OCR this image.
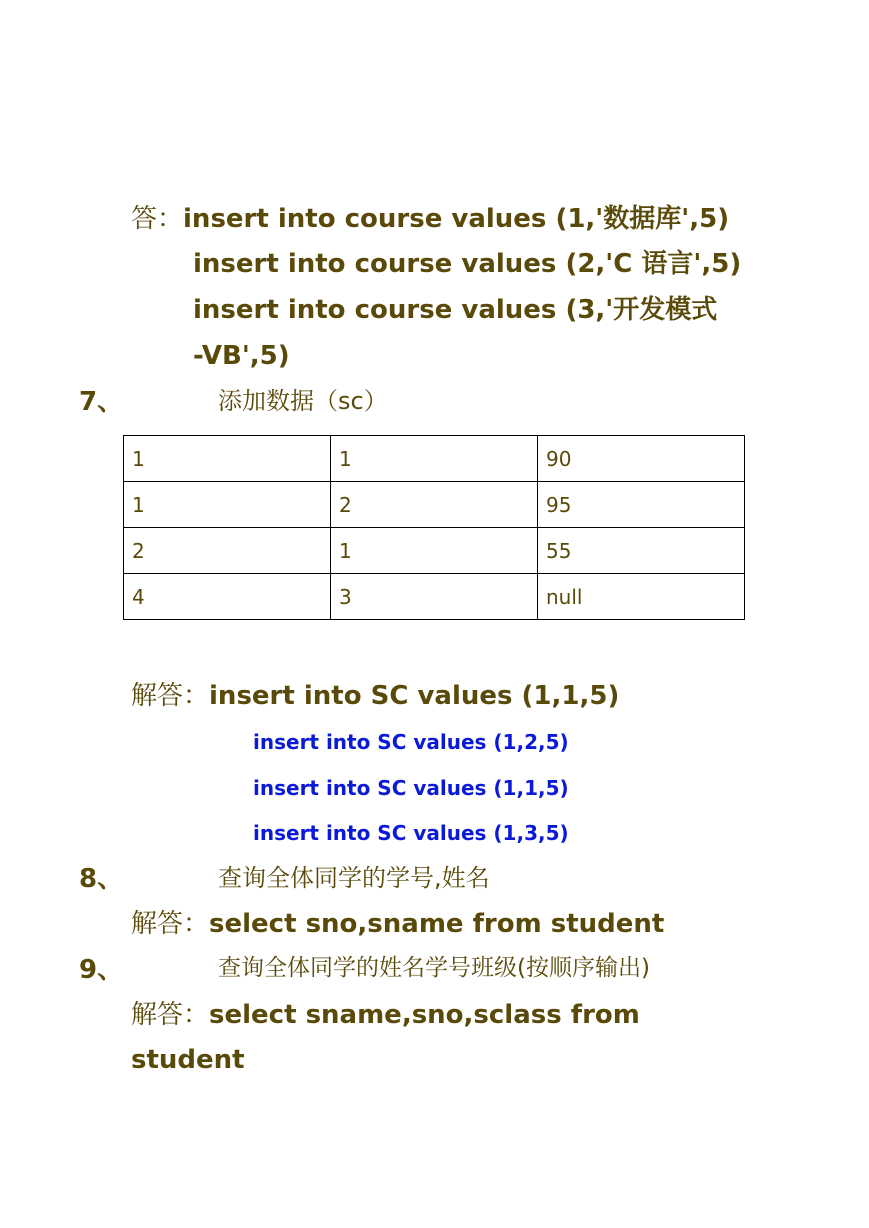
答：insert into course values (1,'数据库',5)
insert into course values (2,'C 语言',5)
insert into course values (3,'开发模式
-VB',5)
7、	添加数据（sc）
1	1	90
1	2	95
2	1	55
4	3	null
解答：insert into SC values (1,1,5)
insert into SC values (1,2,5)
insert into SC values (1,1,5)
insert into SC values (1,3,5)
8、	查询全体同学的学号,姓名
解答：select sno,sname from student
9、	查询全体同学的姓名学号班级(按顺序输出)
解答：select sname,sno,sclass from
student
